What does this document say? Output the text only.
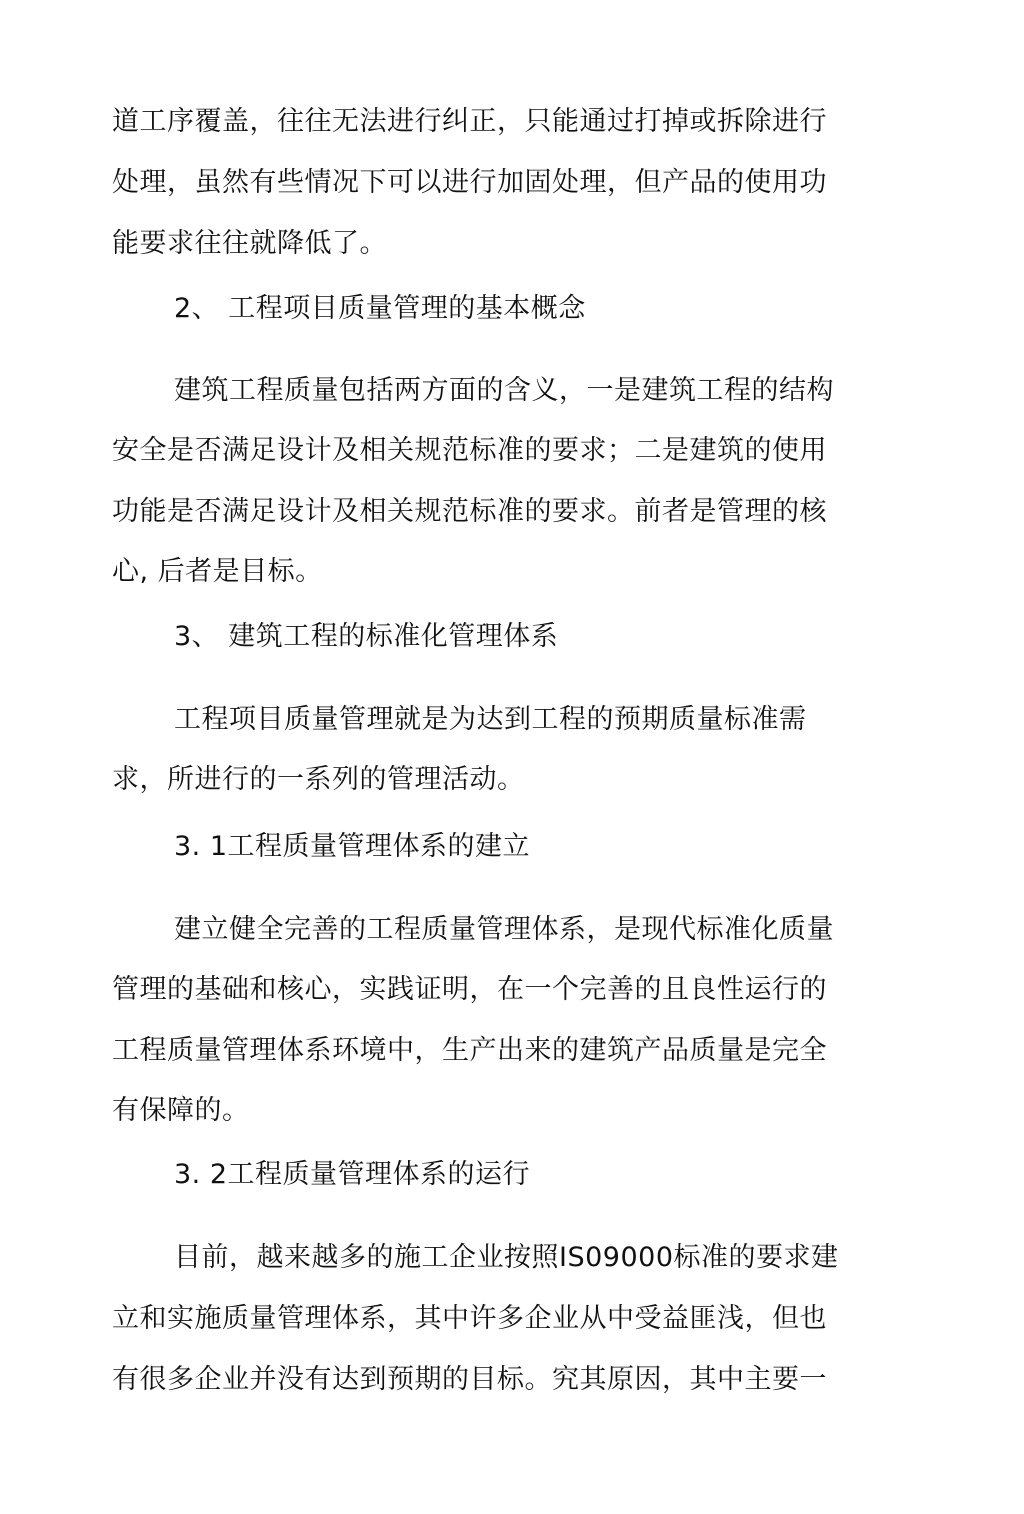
道工序覆盖，往往无法进行纠正，只能通过打掉或拆除进行
处理，虽然有些情况下可以进行加固处理，但产品的使用功
能要求往往就降低了。
2、 工程项目质量管理的基本概念
建筑工程质量包括两方面的含义，一是建筑工程的结构
安全是否满足设计及相关规范标准的要求；二是建筑的使用
功能是否满足设计及相关规范标准的要求。前者是管理的核
心, 后者是目标。
3、 建筑工程的标准化管理体系
工程项目质量管理就是为达到工程的预期质量标准需
求，所进行的一系列的管理活动。
3. 1工程质量管理体系的建立
建立健全完善的工程质量管理体系，是现代标准化质量
管理的基础和核心，实践证明，在一个完善的且良性运行的
工程质量管理体系环境中，生产出来的建筑产品质量是完全
有保障的。
3. 2工程质量管理体系的运行
目前，越来越多的施工企业按照IS09000标准的要求建
立和实施质量管理体系，其中许多企业从中受益匪浅，但也
有很多企业并没有达到预期的目标。究其原因，其中主要一
